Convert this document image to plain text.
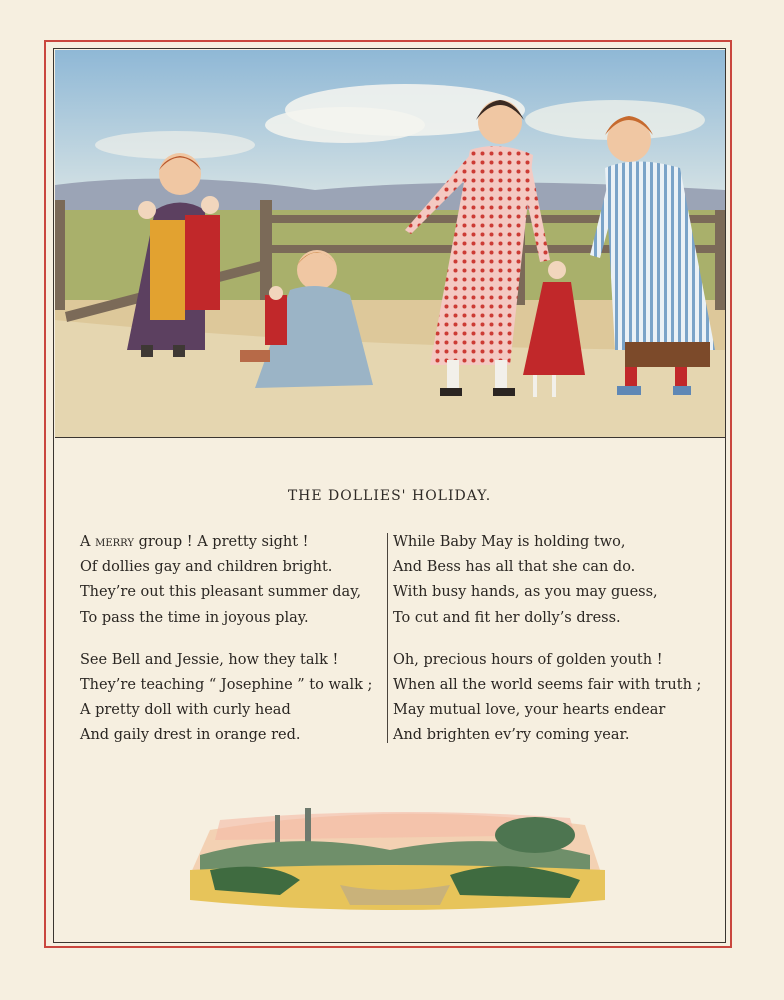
THE DOLLIES' HOLIDAY.

A merry group ! A pretty sight !

Of dollies gay and children bright.

They’re out this pleasant summer day,

To pass the time in joyous play.

See Bell and Jessie, how they talk !

They’re teaching “ Josephine ” to walk ;

A pretty doll with curly head

And gaily drest in orange red.

While Baby May is holding two,

And Bess has all that she can do.

With busy hands, as you may guess,

To cut and fit her dolly’s dress.

Oh, precious hours of golden youth !

When all the world seems fair with truth ;

May mutual love, your hearts endear

And brighten ev’ry coming year.
